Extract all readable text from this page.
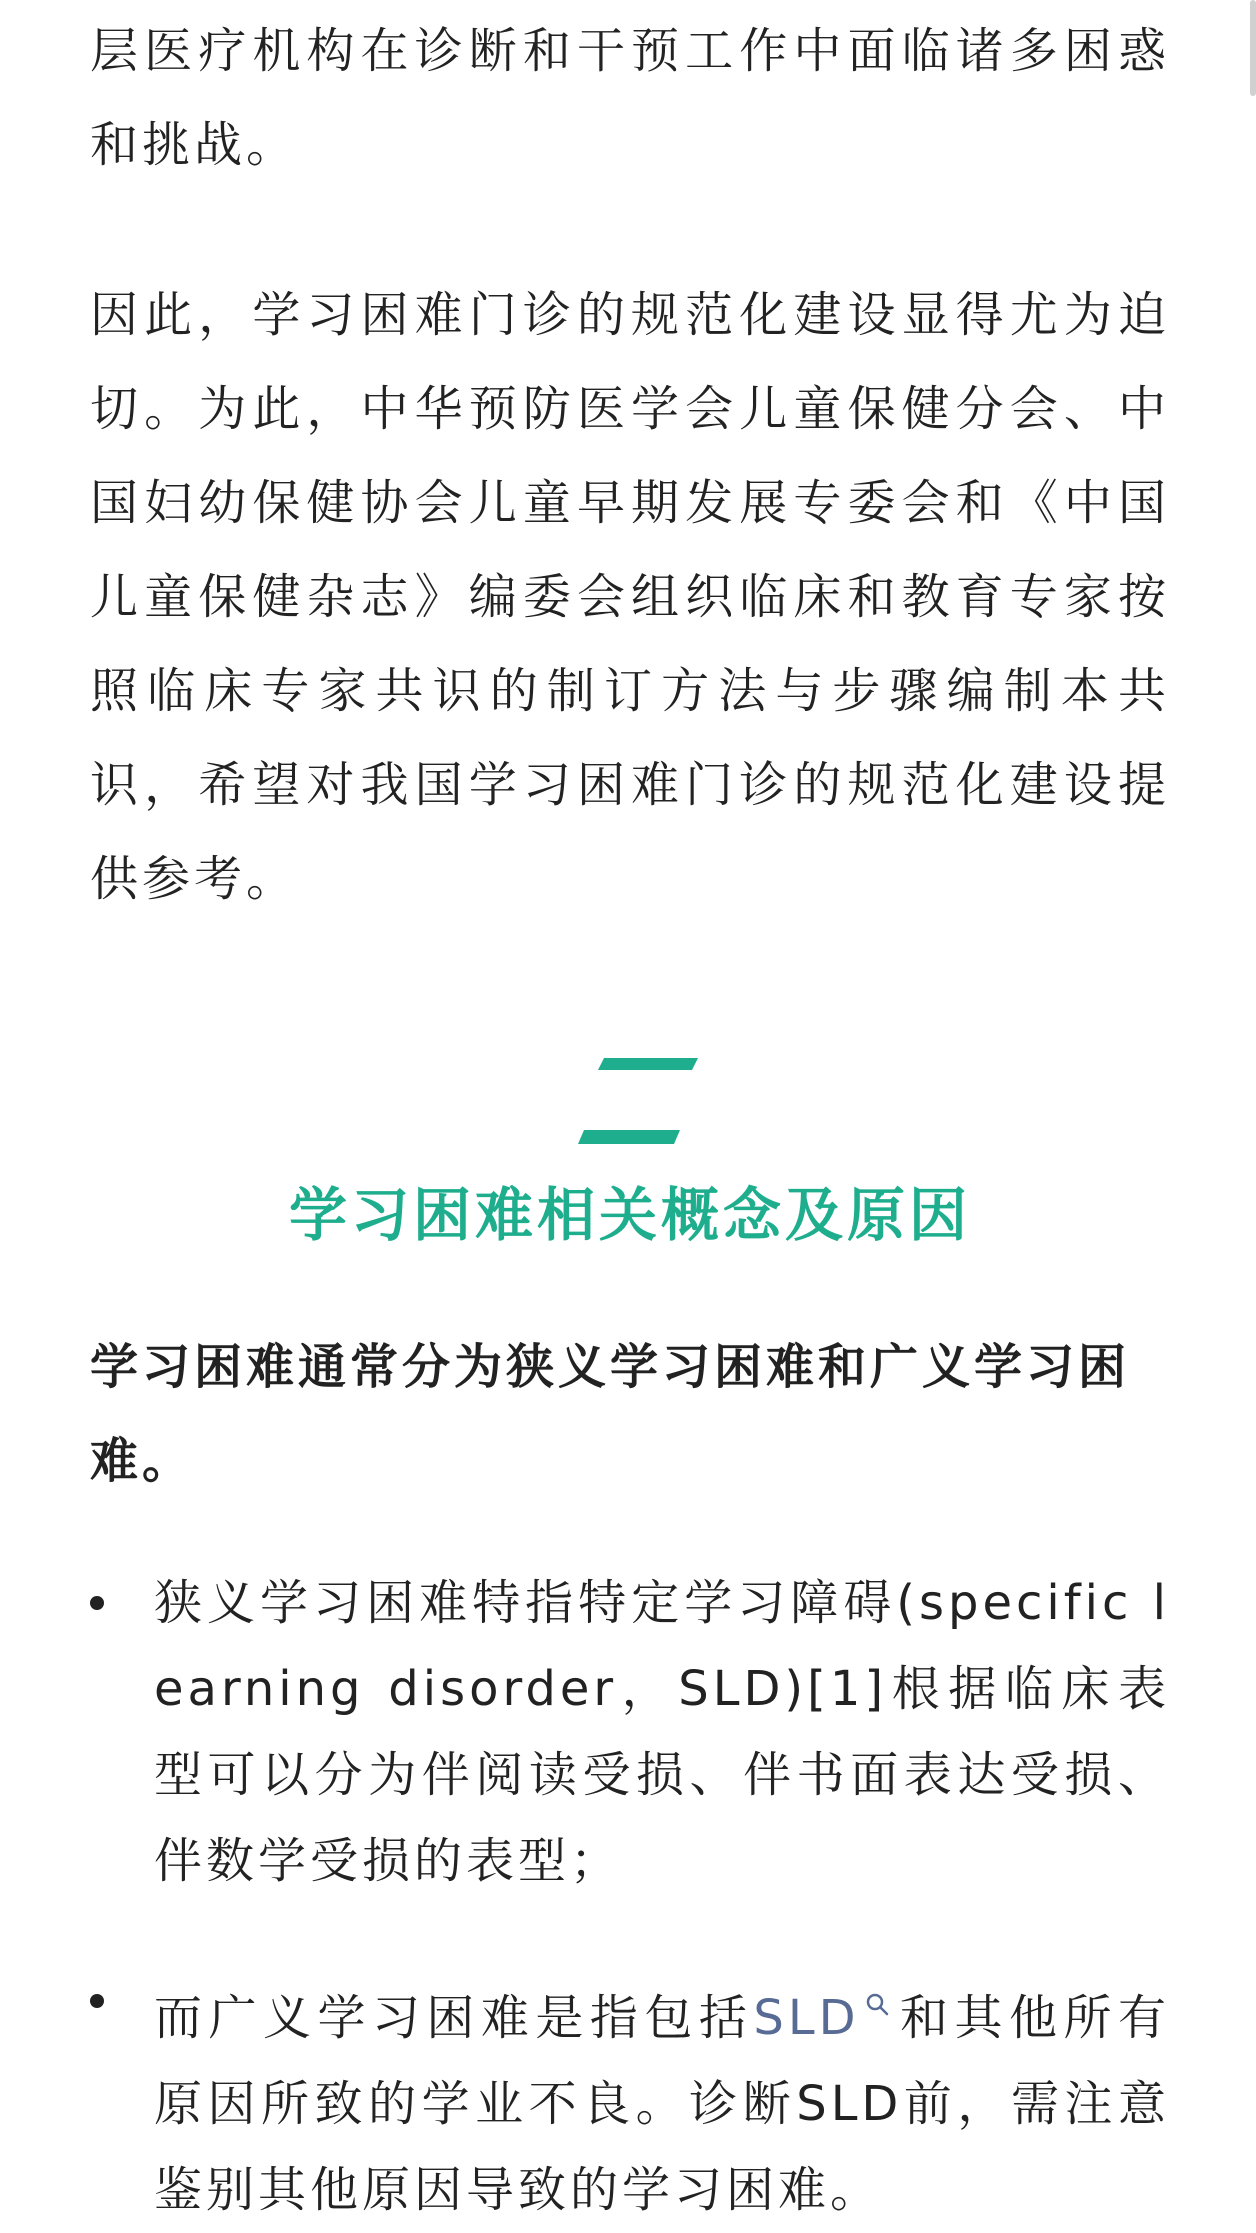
层医疗机构在诊断和干预工作中面临诸多困惑和挑战。

因此，学习困难门诊的规范化建设显得尤为迫切。为此，中华预防医学会儿童保健分会、中国妇幼保健协会儿童早期发展专委会和《中国儿童保健杂志》编委会组织临床和教育专家按照临床专家共识的制订方法与步骤编制本共识，希望对我国学习困难门诊的规范化建设提供参考。

学习困难相关概念及原因

学习困难通常分为狭义学习困难和广义学习困难。

狭义学习困难特指特定学习障碍(specific learning disorder，SLD)[1]根据临床表型可以分为伴阅读受损、伴书面表达受损、伴数学受损的表型；
而广义学习困难是指包括SLD 和其他所有原因所致的学业不良。诊断SLD前，需注意鉴别其他原因导致的学习困难。
